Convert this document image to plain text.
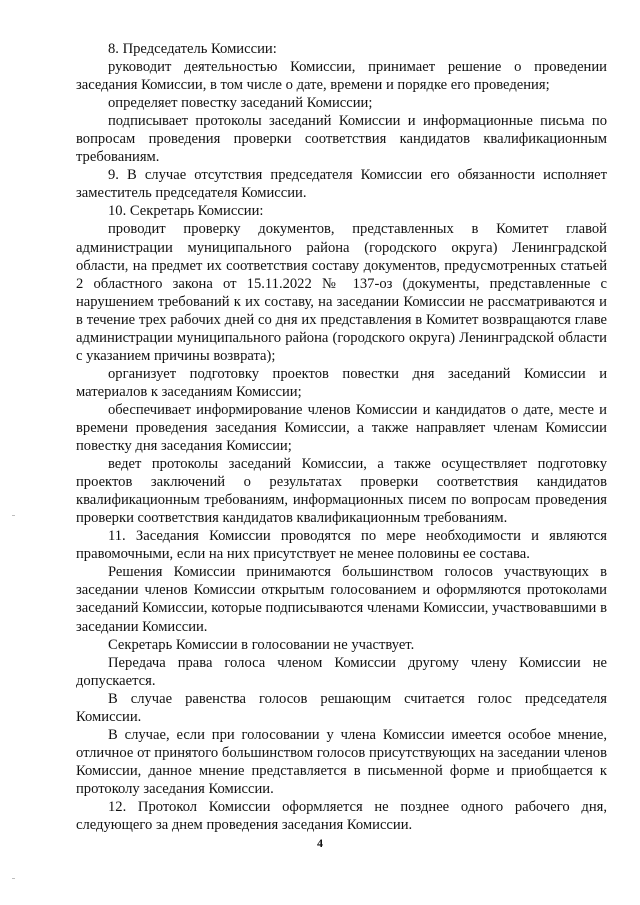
8. Председатель Комиссии:

руководит деятельностью Комиссии, принимает решение о проведении заседания Комиссии, в том числе о дате, времени и порядке его проведения;

определяет повестку заседаний Комиссии;

подписывает протоколы заседаний Комиссии и информационные письма по вопросам проведения проверки соответствия кандидатов квалификационным требованиям.

9. В случае отсутствия председателя Комиссии его обязанности исполняет заместитель председателя Комиссии.

10. Секретарь Комиссии:

проводит проверку документов, представленных в Комитет главой администрации муниципального района (городского округа) Ленинградской области, на предмет их соответствия составу документов, предусмотренных статьей 2 областного закона от 15.11.2022 № 137-оз (документы, представленные с нарушением требований к их составу, на заседании Комиссии не рассматриваются и в течение трех рабочих дней со дня их представления в Комитет возвращаются главе администрации муниципального района (городского округа) Ленинградской области с указанием причины возврата);

организует подготовку проектов повестки дня заседаний Комиссии и материалов к заседаниям Комиссии;

обеспечивает информирование членов Комиссии и кандидатов о дате, месте и времени проведения заседания Комиссии, а также направляет членам Комиссии повестку дня заседания Комиссии;

ведет протоколы заседаний Комиссии, а также осуществляет подготовку проектов заключений о результатах проверки соответствия кандидатов квалификационным требованиям, информационных писем по вопросам проведения проверки соответствия кандидатов квалификационным требованиям.

11. Заседания Комиссии проводятся по мере необходимости и являются правомочными, если на них присутствует не менее половины ее состава.

Решения Комиссии принимаются большинством голосов участвующих в заседании членов Комиссии открытым голосованием и оформляются протоколами заседаний Комиссии, которые подписываются членами Комиссии, участвовавшими в заседании Комиссии.

Секретарь Комиссии в голосовании не участвует.

Передача права голоса членом Комиссии другому члену Комиссии не допускается.

В случае равенства голосов решающим считается голос председателя Комиссии.

В случае, если при голосовании у члена Комиссии имеется особое мнение, отличное от принятого большинством голосов присутствующих на заседании членов Комиссии, данное мнение представляется в письменной форме и приобщается к протоколу заседания Комиссии.

12. Протокол Комиссии оформляется не позднее одного рабочего дня, следующего за днем проведения заседания Комиссии.

4
